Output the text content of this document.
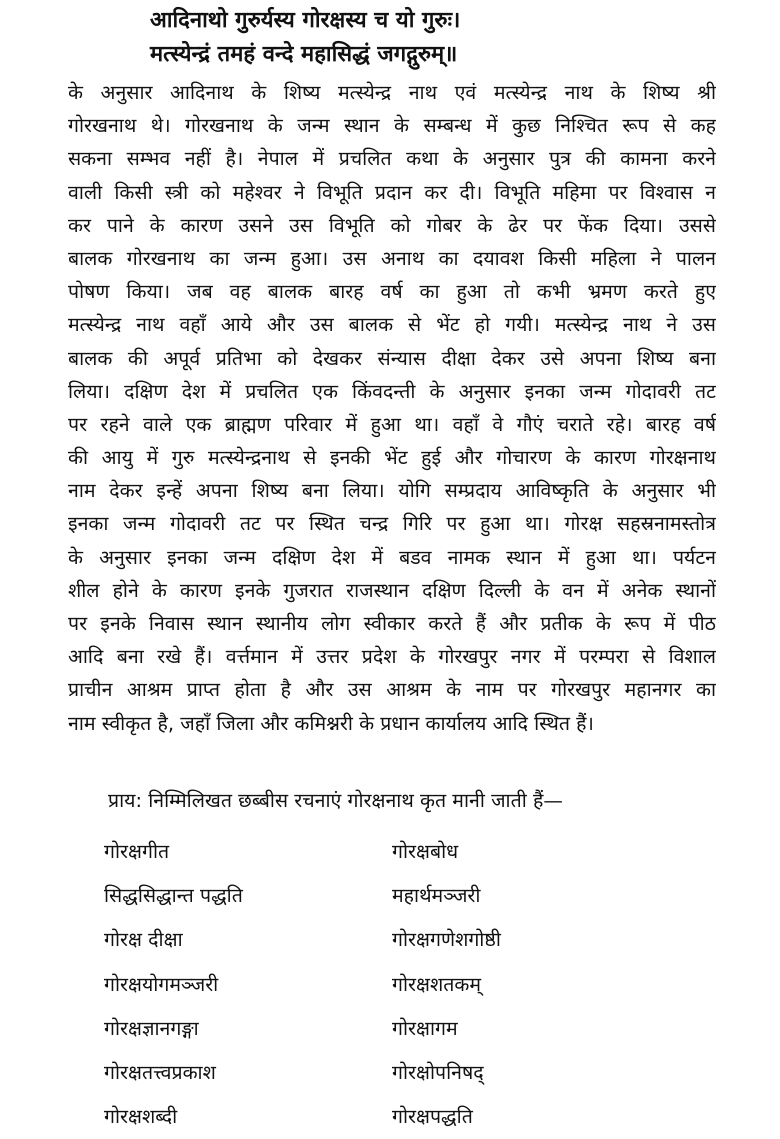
आदिनाथो गुरुर्यस्य गोरक्षस्य च यो गुरुः।
मत्स्येन्द्रं तमहं वन्दे महासिद्धं जगद्गुरुम्॥
के अनुसार आदिनाथ के शिष्य मत्स्येन्द्र नाथ एवं मत्स्येन्द्र नाथ के शिष्य श्री
गोरखनाथ थे। गोरखनाथ के जन्म स्थान के सम्बन्ध में कुछ निश्चित रूप से कह
सकना सम्भव नहीं है। नेपाल में प्रचलित कथा के अनुसार पुत्र की कामना करने
वाली किसी स्त्री को महेश्वर ने विभूति प्रदान कर दी। विभूति महिमा पर विश्वास न
कर पाने के कारण उसने उस विभूति को गोबर के ढेर पर फेंक दिया। उससे
बालक गोरखनाथ का जन्म हुआ। उस अनाथ का दयावश किसी महिला ने पालन
पोषण किया। जब वह बालक बारह वर्ष का हुआ तो कभी भ्रमण करते हुए
मत्स्येन्द्र नाथ वहाँ आये और उस बालक से भेंट हो गयी। मत्स्येन्द्र नाथ ने उस
बालक की अपूर्व प्रतिभा को देखकर संन्यास दीक्षा देकर उसे अपना शिष्य बना
लिया। दक्षिण देश में प्रचलित एक किंवदन्ती के अनुसार इनका जन्म गोदावरी तट
पर रहने वाले एक ब्राह्मण परिवार में हुआ था। वहाँ वे गौएं चराते रहे। बारह वर्ष
की आयु में गुरु मत्स्येन्द्रनाथ से इनकी भेंट हुई और गोचारण के कारण गोरक्षनाथ
नाम देकर इन्हें अपना शिष्य बना लिया। योगि सम्प्रदाय आविष्कृति के अनुसार भी
इनका जन्म गोदावरी तट पर स्थित चन्द्र गिरि पर हुआ था। गोरक्ष सहस्रनामस्तोत्र
के अनुसार इनका जन्म दक्षिण देश में बडव नामक स्थान में हुआ था। पर्यटन
शील होने के कारण इनके गुजरात राजस्थान दक्षिण दिल्ली के वन में अनेक स्थानों
पर इनके निवास स्थान स्थानीय लोग स्वीकार करते हैं और प्रतीक के रूप में पीठ
आदि बना रखे हैं। वर्त्तमान में उत्तर प्रदेश के गोरखपुर नगर में परम्परा से विशाल
प्राचीन आश्रम प्राप्त होता है और उस आश्रम के नाम पर गोरखपुर महानगर का
नाम स्वीकृत है, जहाँ जिला और कमिश्नरी के प्रधान कार्यालय आदि स्थित हैं।
प्राय: निम्मिलिखत छब्बीस रचनाएं गोरक्षनाथ कृत मानी जाती हैं—
गोरक्षगीत	गोरक्षबोध
सिद्धसिद्धान्त पद्धति	महार्थमञ्जरी
गोरक्ष दीक्षा	गोरक्षगणेशगोष्ठी
गोरक्षयोगमञ्जरी	गोरक्षशतकम्
गोरक्षज्ञानगङ्गा	गोरक्षागम
गोरक्षतत्त्वप्रकाश	गोरक्षोपनिषद्
गोरक्षशब्दी	गोरक्षपद्धति
